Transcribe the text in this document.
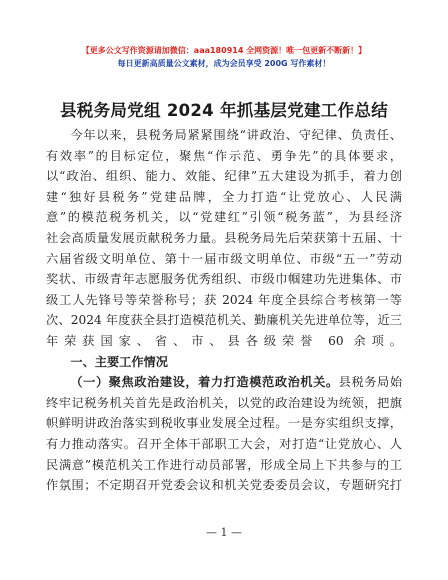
【更多公文写作资源请加微信：aaa180914 全网资源！唯一包更新不断新！】
每日更新高质量公文素材，成为会员享受 200G 写作素材！
县税务局党组 2024 年抓基层党建工作总结

今年以来，县税务局紧紧围绕“讲政治、守纪律、负责任、
有效率”的目标定位，聚焦“作示范、勇争先”的具体要求，
以“政治、组织、能力、效能、纪律”五大建设为抓手，着力创
建“独好县税务”党建品牌，全力打造“让党放心、人民满
意”的模范税务机关，以“党建红”引领“税务蓝”，为县经济
社会高质量发展贡献税务力量。县税务局先后荣获第十五届、十
六届省级文明单位、第十一届市级文明单位、市级“五一”劳动
奖状、市级青年志愿服务优秀组织、市级巾帼建功先进集体、市
级工人先锋号等荣誉称号；获 2024 年度全县综合考核第一等
次、2024 年度获全县打造模范机关、勤廉机关先进单位等，近三
年荣获国家、省、市、县各级荣誉 60 余项。

一、主要工作情况

（一）聚焦政治建设，着力打造模范政治机关。县税务局始
终牢记税务机关首先是政治机关，以党的政治建设为统领，把旗
帜鲜明讲政治落实到税收事业发展全过程。一是夯实组织支撑，
有力推动落实。召开全体干部职工大会，对打造“让党放心、人
民满意”模范机关工作进行动员部署，形成全局上下共参与的工
作氛围；不定期召开党委会议和机关党委委员会议，专题研究打

— 1 —
